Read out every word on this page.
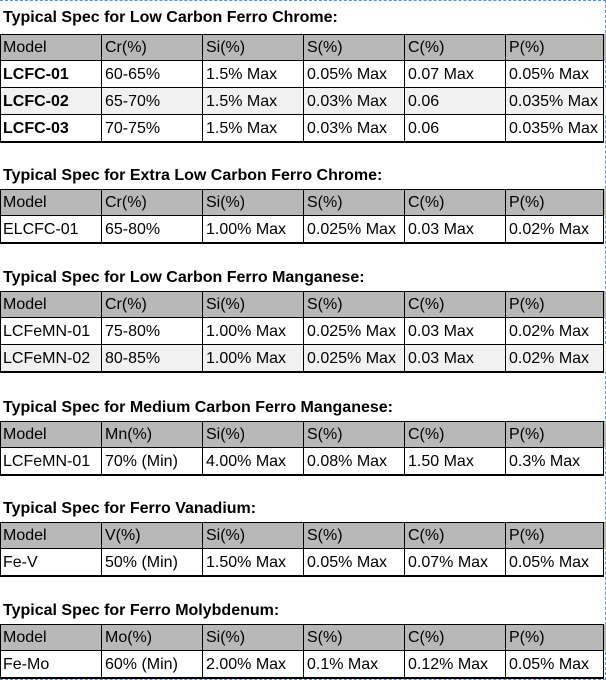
Typical Spec for Low Carbon Ferro Chrome:
Model	Cr(%)	Si(%)	S(%)	C(%)	P(%)
LCFC-01	60-65%	1.5% Max	0.05% Max	0.07 Max	0.05% Max
LCFC-02	65-70%	1.5% Max	0.03% Max	0.06	0.035% Max
LCFC-03	70-75%	1.5% Max	0.03% Max	0.06	0.035% Max
Typical Spec for Extra Low Carbon Ferro Chrome:
Model	Cr(%)	Si(%)	S(%)	C(%)	P(%)
ELCFC-01	65-80%	1.00% Max	0.025% Max 0.03 Max	0.02% Max
Typical Spec for Low Carbon Ferro Manganese:
Model	Cr(%)	Si(%)	S(%)	C(%)	P(%)
LCFeMN-01 75-80%	1.00% Max	0.025% Max 0.03 Max	0.02% Max
LCFeMN-02 80-85%	1.00% Max	0.025% Max 0.03 Max	0.02% Max
Typical Spec for Medium Carbon Ferro Manganese:
Model	Mn(%)	Si(%)	S(%)	C(%)	P(%)
LCFeMN-01 70% (Min)	4.00% Max	0.08% Max	1.50 Max	0.3% Max
Typical Spec for Ferro Vanadium:
Model	V(%)	Si(%)	S(%)	C(%)	P(%)
Fe-V	50% (Min)	1.50% Max	0.05% Max	0.07% Max	0.05% Max
Typical Spec for Ferro Molybdenum:
Model	Mo(%)	Si(%)	S(%)	C(%)	P(%)
Fe-Mo	60% (Min)	2.00% Max	0.1% Max	0.12% Max	0.05% Max
